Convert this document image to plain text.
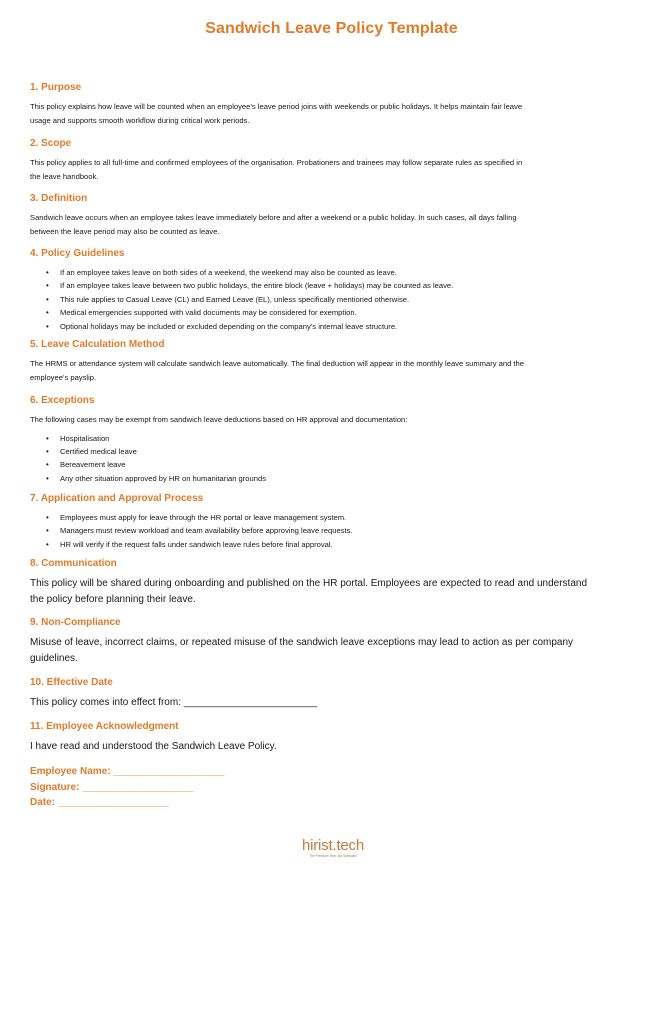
Sandwich Leave Policy Template
1. Purpose
This policy explains how leave will be counted when an employee’s leave period joins with weekends or public holidays. It helps maintain fair leave
usage and supports smooth workflow during critical work periods.
2. Scope
This policy applies to all full-time and confirmed employees of the organisation. Probationers and trainees may follow separate rules as specified in
the leave handbook.
3. Definition
Sandwich leave occurs when an employee takes leave immediately before and after a weekend or a public holiday. In such cases, all days falling
between the leave period may also be counted as leave.
4. Policy Guidelines
• If an employee takes leave on both sides of a weekend, the weekend may also be counted as leave.
• If an employee takes leave between two public holidays, the entire block (leave + holidays) may be counted as leave.
• This rule applies to Casual Leave (CL) and Earned Leave (EL), unless specifically mentioned otherwise.
• Medical emergencies supported with valid documents may be considered for exemption.
• Optional holidays may be included or excluded depending on the company’s internal leave structure.
5. Leave Calculation Method
The HRMS or attendance system will calculate sandwich leave automatically. The final deduction will appear in the monthly leave summary and the
employee’s payslip.
6. Exceptions
The following cases may be exempt from sandwich leave deductions based on HR approval and documentation:
• Hospitalisation
• Certified medical leave
• Bereavement leave
• Any other situation approved by HR on humanitarian grounds
7. Application and Approval Process
• Employees must apply for leave through the HR portal or leave management system.
• Managers must review workload and team availability before approving leave requests.
• HR will verify if the request falls under sandwich leave rules before final approval.
8. Communication
This policy will be shared during onboarding and published on the HR portal. Employees are expected to read and understand
the policy before planning their leave.
9. Non-Compliance
Misuse of leave, incorrect claims, or repeated misuse of the sandwich leave exceptions may lead to action as per company
guidelines.
10. Effective Date
This policy comes into effect from: ________________________
11. Employee Acknowledgment
I have read and understood the Sandwich Leave Policy.
Employee Name: ____________________
Signature: ____________________
Date: ____________________
hirist.tech
The Premium Tech Job Specialist
